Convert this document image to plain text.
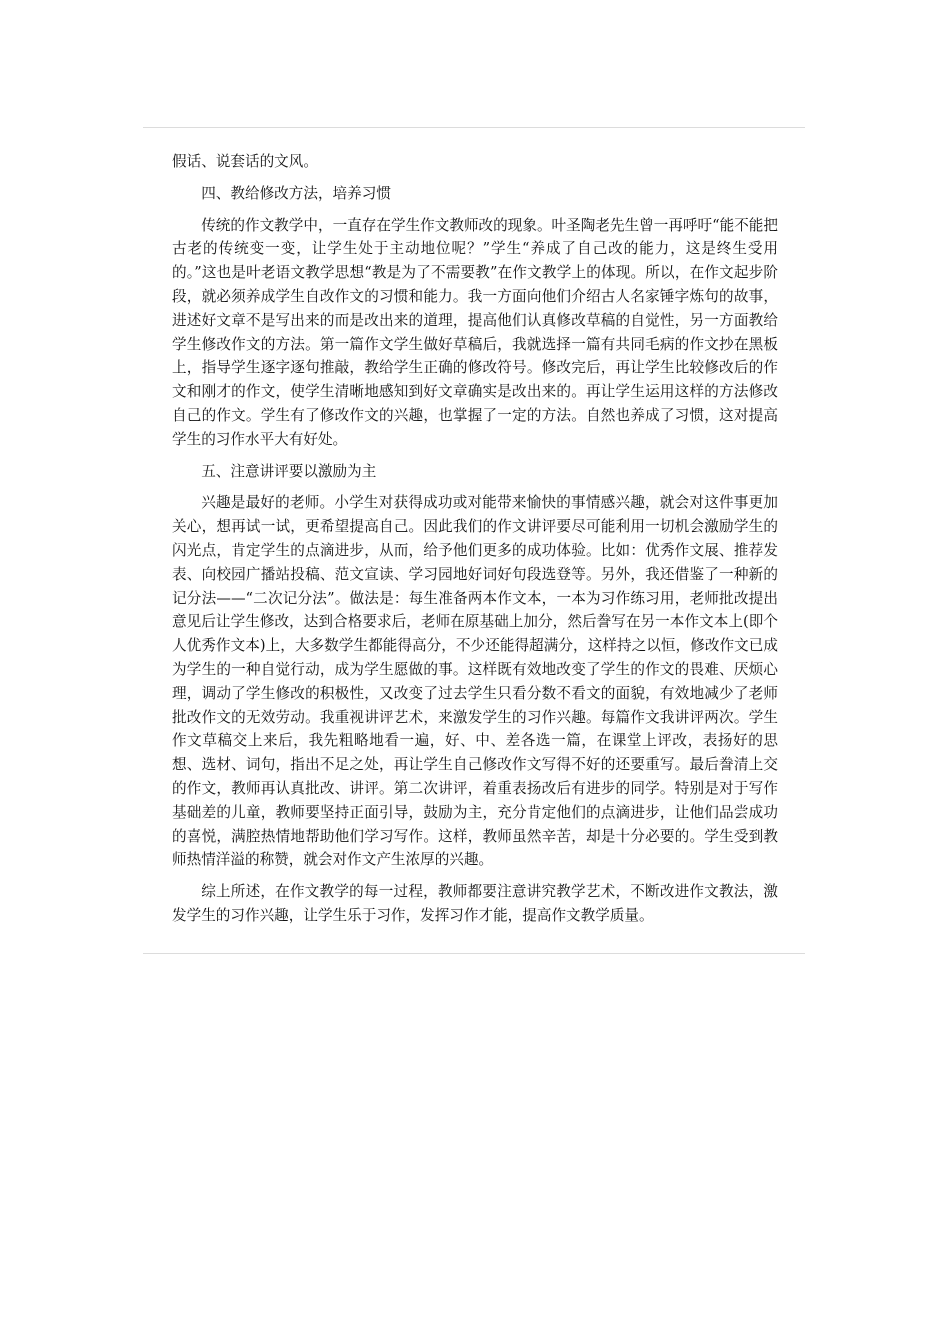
假话、说套话的文风。

四、教给修改方法，培养习惯

传统的作文教学中，一直存在学生作文教师改的现象。叶圣陶老先生曾一再呼吁“能不能把古老的传统变一变，让学生处于主动地位呢？”学生“养成了自己改的能力，这是终生受用的。”这也是叶老语文教学思想“教是为了不需要教”在作文教学上的体现。所以，在作文起步阶段，就必须养成学生自改作文的习惯和能力。我一方面向他们介绍古人名家锤字炼句的故事，进述好文章不是写出来的而是改出来的道理，提高他们认真修改草稿的自觉性，另一方面教给学生修改作文的方法。第一篇作文学生做好草稿后，我就选择一篇有共同毛病的作文抄在黑板上，指导学生逐字逐句推敲，教给学生正确的修改符号。修改完后，再让学生比较修改后的作文和刚才的作文，使学生清晰地感知到好文章确实是改出来的。再让学生运用这样的方法修改自己的作文。学生有了修改作文的兴趣，也掌握了一定的方法。自然也养成了习惯，这对提高学生的习作水平大有好处。

五、注意讲评要以激励为主

兴趣是最好的老师。小学生对获得成功或对能带来愉快的事情感兴趣，就会对这件事更加关心，想再试一试，更希望提高自己。因此我们的作文讲评要尽可能利用一切机会激励学生的闪光点，肯定学生的点滴进步，从而，给予他们更多的成功体验。比如：优秀作文展、推荐发表、向校园广播站投稿、范文宣读、学习园地好词好句段选登等。另外，我还借鉴了一种新的记分法——“二次记分法”。做法是：每生准备两本作文本，一本为习作练习用，老师批改提出意见后让学生修改，达到合格要求后，老师在原基础上加分，然后誊写在另一本作文本上(即个人优秀作文本)上，大多数学生都能得高分，不少还能得超满分，这样持之以恒，修改作文已成为学生的一种自觉行动，成为学生愿做的事。这样既有效地改变了学生的作文的畏难、厌烦心理，调动了学生修改的积极性，又改变了过去学生只看分数不看文的面貌，有效地减少了老师批改作文的无效劳动。我重视讲评艺术，来激发学生的习作兴趣。每篇作文我讲评两次。学生作文草稿交上来后，我先粗略地看一遍，好、中、差各选一篇，在课堂上评改，表扬好的思想、选材、词句，指出不足之处，再让学生自己修改作文写得不好的还要重写。最后誊清上交的作文，教师再认真批改、讲评。第二次讲评，着重表扬改后有进步的同学。特别是对于写作基础差的儿童，教师要坚持正面引导，鼓励为主，充分肯定他们的点滴进步，让他们品尝成功的喜悦，满腔热情地帮助他们学习写作。这样，教师虽然辛苦，却是十分必要的。学生受到教师热情洋溢的称赞，就会对作文产生浓厚的兴趣。

综上所述，在作文教学的每一过程，教师都要注意讲究教学艺术，不断改进作文教法，激发学生的习作兴趣，让学生乐于习作，发挥习作才能，提高作文教学质量。
